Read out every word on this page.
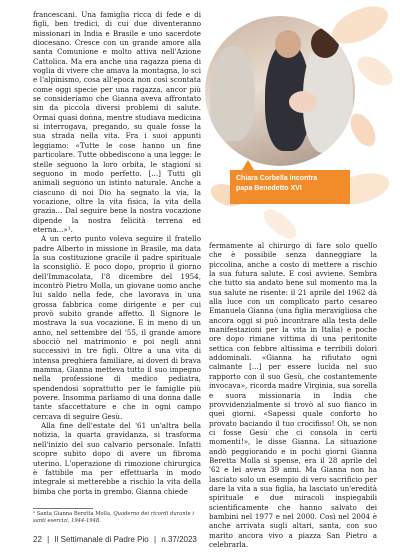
francescani. Una famiglia ricca di fede e di figli, ben tredici, di cui due diventeranno missionari in India e Brasile e uno sacerdote diocesano. Cresce con un grande amore alla santa Comunione e molto attiva nell'Azione Cattolica. Ma era anche una ragazza piena di voglia di vivere che amava la montagna, lo sci e l'alpinismo, cosa all'epoca non così scontata come oggi specie per una ragazza, ancor più se consideriamo che Gianna aveva affrontato sin da piccola diversi problemi di salute. Ormai quasi donna, mentre studiava medicina si interrogava, pregando, su quale fosse la sua strada nella vita. Fra i suoi appunti leggiamo: «Tutte le cose hanno un fine particolare. Tutte obbediscono a una legge: le stelle seguono la loro orbita, le stagioni si seguono in modo perfetto. [...] Tutti gli animali seguono un istinto naturale. Anche a ciascuno di noi Dio ha segnato la via, la vocazione, oltre la vita fisica, la vita della grazia... Dal seguire bene la nostra vocazione dipende la nostra felicità terrena ed eterna...»¹.

A un certo punto voleva seguire il fratello padre Alberto in missione in Brasile, ma data la sua costituzione gracile il padre spirituale la sconsigliò. E poco dopo, proprio il giorno dell'Immacolata, l'8 dicembre del 1954, incontrò Pietro Molla, un giovane uomo anche lui saldo nella fede, che lavorava in una grossa fabbrica come dirigente e per cui provò subito grande affetto. Il Signore le mostrava la sua vocazione. E in meno di un anno, nel settembre del '55, il grande amore sbocciò nel matrimonio e poi negli anni successivi in tre figli. Oltre a una vita di intensa preghiera familiare, ai doveri di brava mamma, Gianna metteva tutto il suo impegno nella professione di medico pediatra, spendendosi soprattutto per le famiglie più povere. Insomma parliamo di una donna dalle tante sfaccettature e che in ogni campo cercava di seguire Gesù.

Alla fine dell'estate del '61 un'altra bella notizia, la quarta gravidanza, si trasforma nell'inizio del suo calvario personale. Infatti scopre subito dopo di avere un fibroma uterino. L'operazione di rimozione chirurgica è fattibile ma per effettuarla in modo integrale si metterebbe a rischio la vita della bimba che porta in grembo. Gianna chiede

Chiara Corbella incontra
papa Benedetto XVI

fermamente al chirurgo di fare solo quello che è possibile senza danneggiare la piccolina, anche a costo di mettere a rischio la sua futura salute. E così avviene. Sembra che tutto sia andato bene sul momento ma la sua salute ne risente: il 21 aprile del 1962 dà alla luce con un complicato parto cesareo Emanuela Gianna (una figlia meravigliosa che ancora oggi si può incontrare alla testa delle manifestazioni per la vita in Italia) e poche ore dopo rimane vittima di una peritonite settica con febbre altissima e terribili dolori addominali. «Gianna ha rifiutato ogni calmante [...] per essere lucida nel suo rapporto con il suo Gesù, che costantemente invocava», ricorda madre Virginia, sua sorella e suora missionaria in India che provvidenzialmente si trovò al suo fianco in quei giorni. «Sapessi quale conforto ho provato baciando il tuo crocifisso! Oh, se non ci fosse Gesù che ci consola in certi momenti!», le disse Gianna. La situazione andò peggiorando e in pochi giorni Gianna Beretta Molla si spense, era il 28 aprile del '62 e lei aveva 39 anni. Ma Gianna non ha lasciato solo un esempio di vero sacrificio per dare la vita a sua figlia, ha lasciato un'eredità spirituale e due miracoli inspiegabili scientificamente che hanno salvato dei bambini nel 1977 e nel 2000. Così nel 2004 è anche arrivata sugli altari, santa, con suo marito ancora vivo a piazza San Pietro a celebrarla.

¹ Santa Gianna Beretta Molla, Quaderno dei ricordi durante i santi esercizi, 1944-1948.
22 | Il Settimanale di Padre Pio | n.37/2023
